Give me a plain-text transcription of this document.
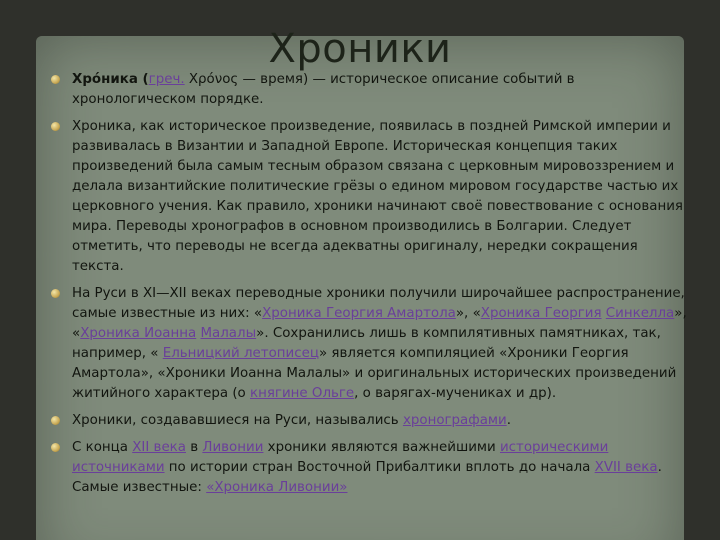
Хроники
Хро́ника (греч. Χρόνος — время) — историческое описание событий в хронологическом порядке.
Хроника, как историческое произведение, появилась в поздней Римской империи и развивалась в Византии и Западной Европе. Историческая концепция таких произведений была самым тесным образом связана с церковным мировоззрением и делала византийские политические грёзы о едином мировом государстве частью их церковного учения. Как правило, хроники начинают своё повествование с основания мира. Переводы хронографов в основном производились в Болгарии. Следует отметить, что переводы не всегда адекватны оригиналу, нередки сокращения текста.
На Руси в XI—XII веках переводные хроники получили широчайшее распространение, самые известные из них: «Хроника Георгия Амартола», «Хроника Георгия Синкелла», «Хроника Иоанна Малалы». Сохранились лишь в компилятивных памятниках, так, например, « Ельницкий летописец» является компиляцией «Хроники Георгия Амартола», «Хроники Иоанна Малалы» и оригинальных исторических произведений житийного характера (о княгине Ольге, о варягах-мучениках и др).
Хроники, создававшиеся на Руси, назывались хронографами.
С конца XII века в Ливонии хроники являются важнейшими историческими источниками по истории стран Восточной Прибалтики вплоть до начала XVII века. Самые известные: «Хроника Ливонии»
